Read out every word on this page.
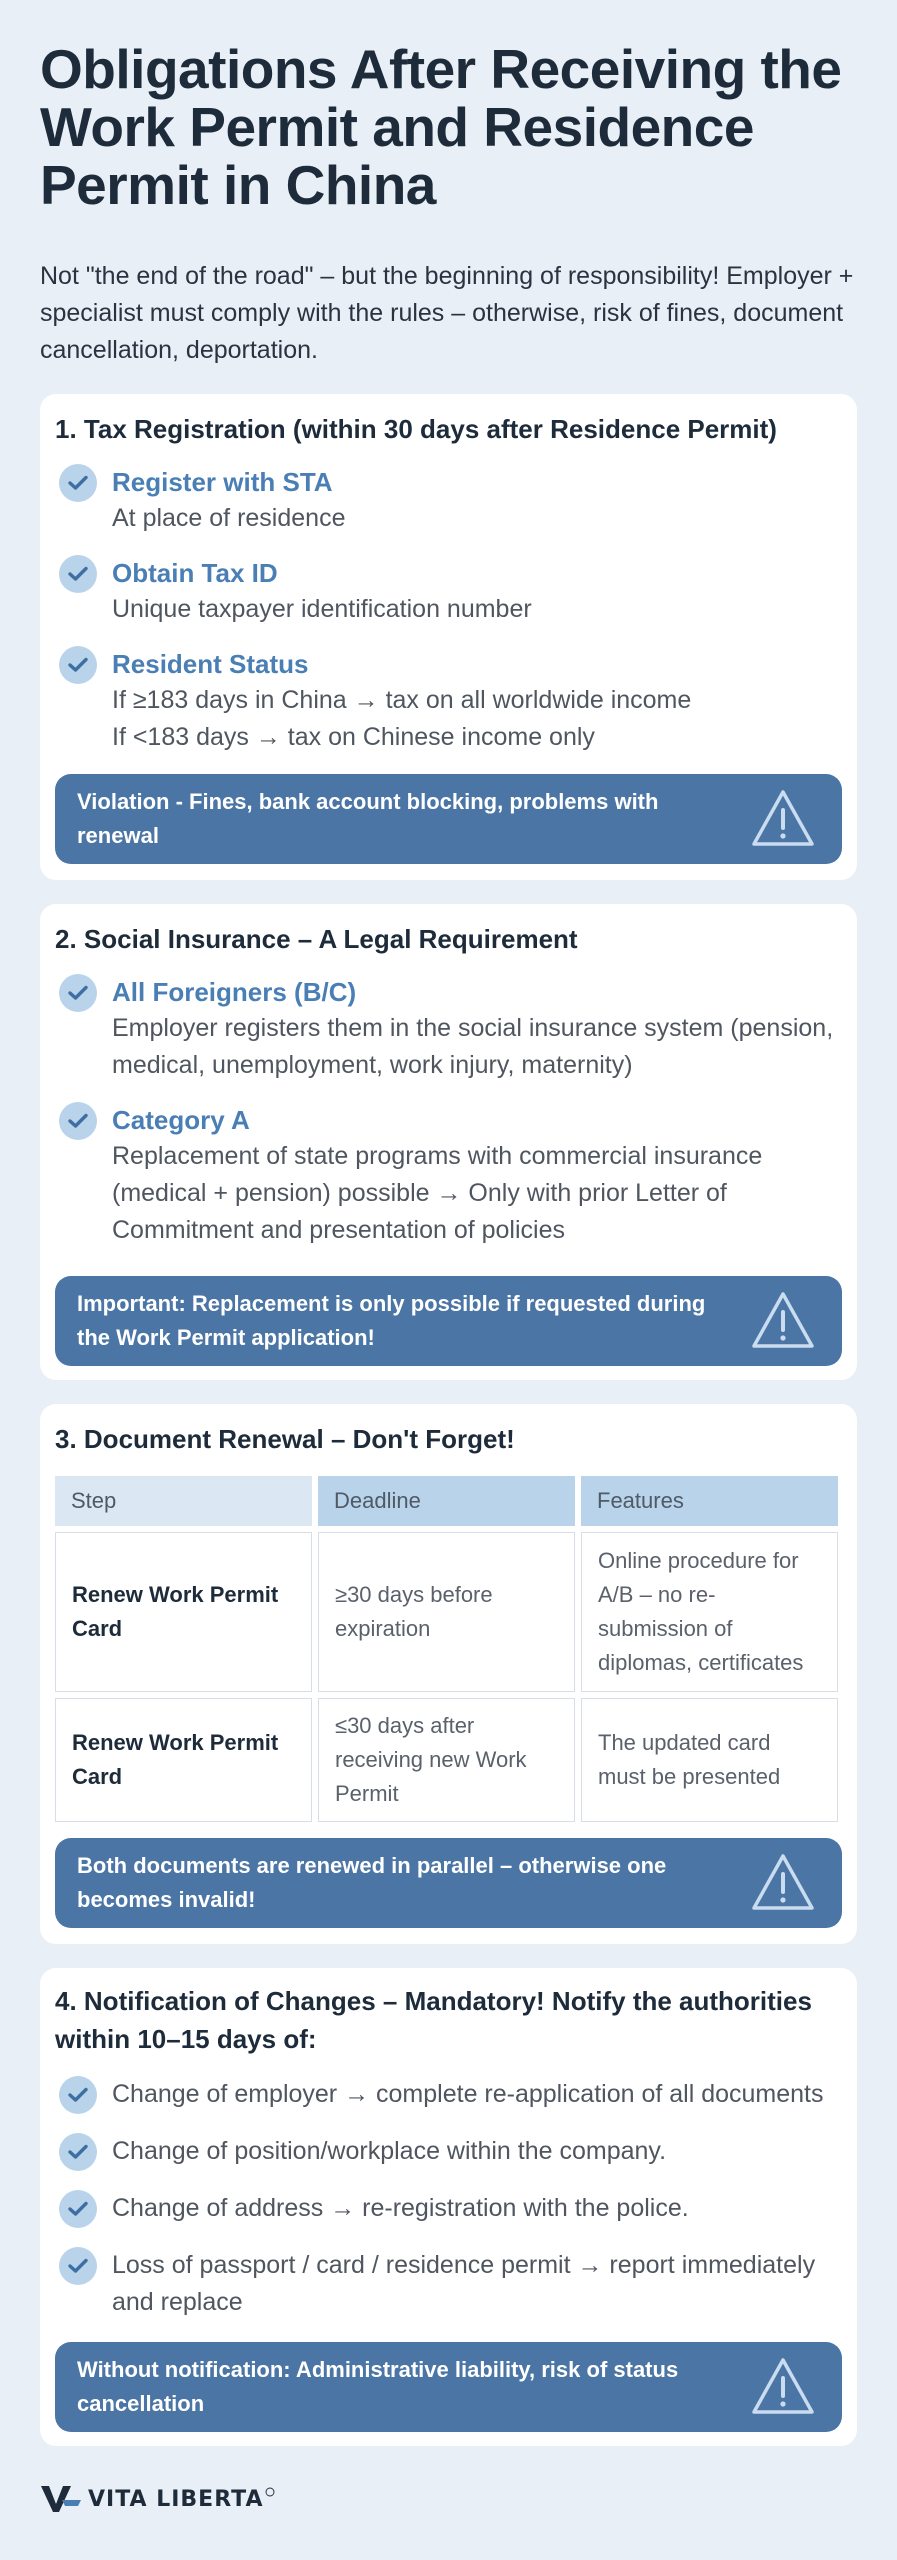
Obligations After Receiving the Work Permit and Residence Permit in China

Not "the end of the road" – but the beginning of responsibility! Employer + specialist must comply with the rules – otherwise, risk of fines, document cancellation, deportation.

1. Tax Registration (within 30 days after Residence Permit)
Register with STA
At place of residence
Obtain Tax ID
Unique taxpayer identification number
Resident Status
If ≥183 days in China → tax on all worldwide income
If <183 days → tax on Chinese income only
Violation - Fines, bank account blocking, problems with renewal
2. Social Insurance – A Legal Requirement
All Foreigners (B/C)
Employer registers them in the social insurance system (pension, medical, unemployment, work injury, maternity)
Category A
Replacement of state programs with commercial insurance (medical + pension) possible → Only with prior Letter of Commitment and presentation of policies
Important: Replacement is only possible if requested during the Work Permit application!
3. Document Renewal – Don't Forget!
Step	Deadline	Features
Renew Work Permit Card	≥30 days before expiration	Online procedure for A/B – no re-submission of diplomas, certificates
Renew Work Permit Card	≤30 days after receiving new Work Permit	The updated card must be presented
Both documents are renewed in parallel – otherwise one becomes invalid!
4. Notification of Changes – Mandatory! Notify the authorities within 10–15 days of:
Change of employer → complete re-application of all documents
Change of position/workplace within the company.
Change of address → re-registration with the police.
Loss of passport / card / residence permit → report immediately and replace
Without notification: Administrative liability, risk of status cancellation
VITA LIBERTA
